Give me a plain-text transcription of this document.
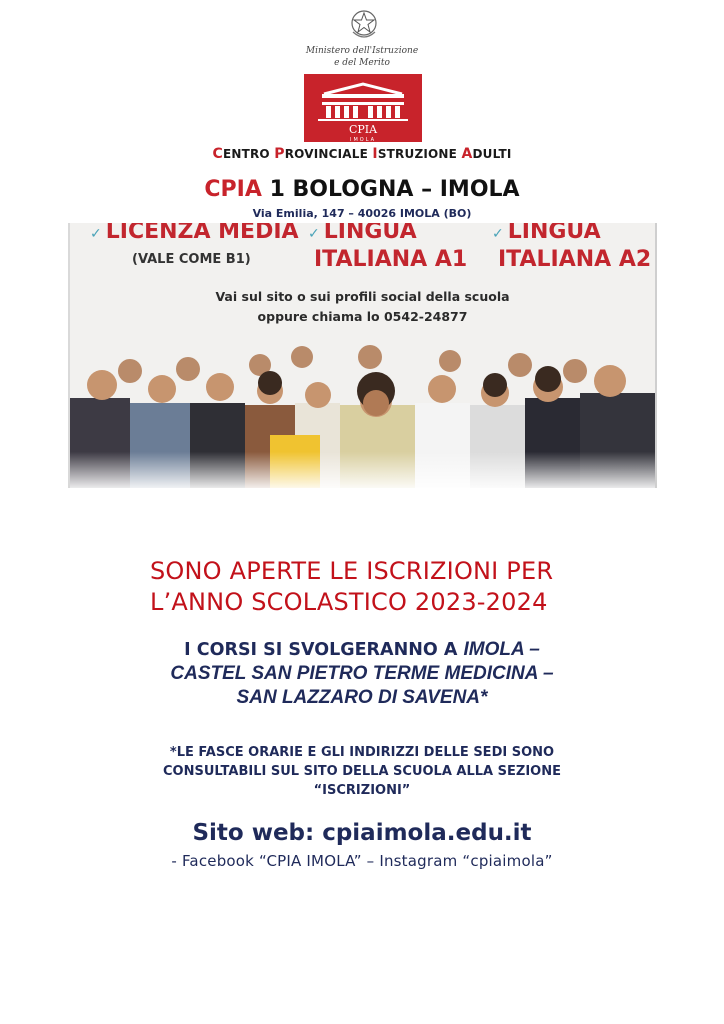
Ministero dell'Istruzione
e del Merito
CPIA
IMOLA
CENTRO PROVINCIALE ISTRUZIONE ADULTI
CPIA 1 BOLOGNA – IMOLA
Via Emilia, 147 – 40026 IMOLA (BO)
✓ LICENZA MEDIA
(VALE COME B1)
✓ LINGUA
ITALIANA A1
✓ LINGUA
ITALIANA A2
Vai sul sito o sui profili social della scuola
oppure chiama lo 0542-24877
SONO APERTE LE ISCRIZIONI PER
L’ANNO SCOLASTICO 2023-2024
I CORSI SI SVOLGERANNO A IMOLA –
CASTEL SAN PIETRO TERME MEDICINA –
SAN LAZZARO DI SAVENA*
*LE FASCE ORARIE E GLI INDIRIZZI DELLE SEDI SONO
CONSULTABILI SUL SITO DELLA SCUOLA ALLA SEZIONE
“ISCRIZIONI”
Sito web: cpiaimola.edu.it
- Facebook “CPIA IMOLA” – Instagram “cpiaimola”
